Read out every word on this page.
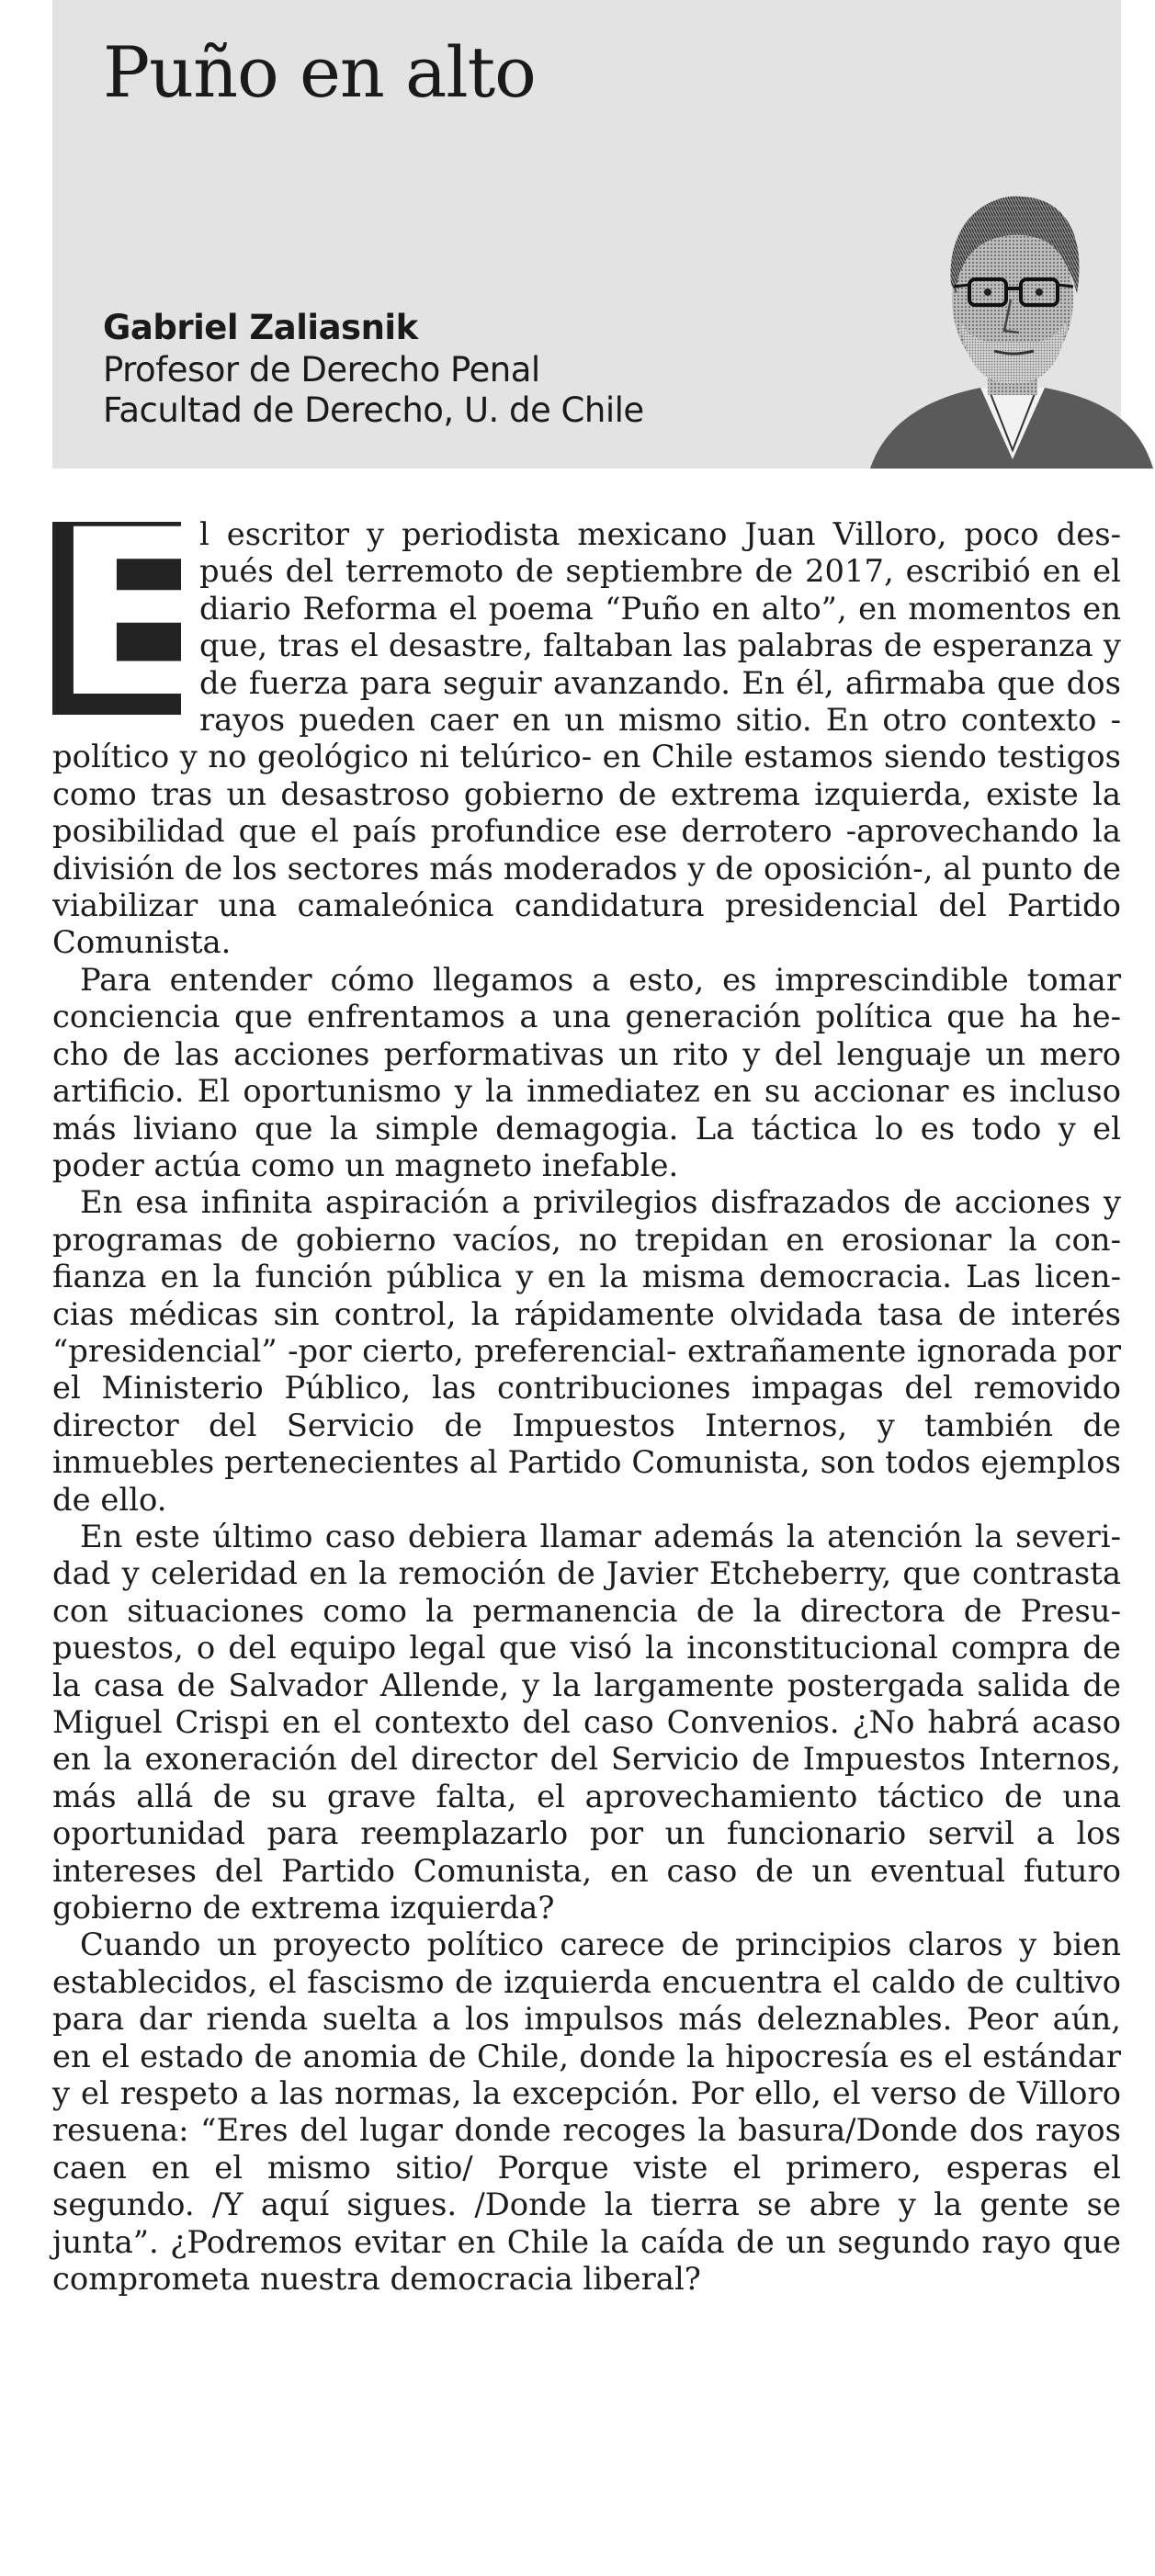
Puño en alto
Gabriel Zaliasnik
Profesor de Derecho Penal
Facultad de Derecho, U. de Chile

E
l escritor y periodista mexicano Juan Villoro, poco después del terremoto de septiembre de 2017, escribió en el diario Reforma el poema “Puño en alto”, en momentos en que, tras el desastre, faltaban las palabras de esperanza y de fuerza para seguir avanzando. En él, afirmaba que dos rayos pueden caer en un mismo sitio. En otro contexto -político y no geológico ni telúrico- en Chile estamos siendo testigos como tras un desastroso gobierno de extrema izquierda, existe la posibilidad que el país profundice ese derrotero -aprovechando la división de los sectores más moderados y de oposición-, al punto de viabilizar una camaleónica candidatura presidencial del Partido Comunista.

Para entender cómo llegamos a esto, es imprescindible tomar conciencia que enfrentamos a una generación política que ha hecho de las acciones performativas un rito y del lenguaje un mero artificio. El oportunismo y la inmediatez en su accionar es incluso más liviano que la simple demagogia. La táctica lo es todo y el poder actúa como un magneto inefable.

En esa infinita aspiración a privilegios disfrazados de acciones y programas de gobierno vacíos, no trepidan en erosionar la confianza en la función pública y en la misma democracia. Las licencias médicas sin control, la rápidamente olvidada tasa de interés “presidencial” -por cierto, preferencial- extrañamente ignorada por el Ministerio Público, las contribuciones impagas del removido director del Servicio de Impuestos Internos, y también de inmuebles pertenecientes al Partido Comunista, son todos ejemplos de ello.

En este último caso debiera llamar además la atención la severidad y celeridad en la remoción de Javier Etcheberry, que contrasta con situaciones como la permanencia de la directora de Presupuestos, o del equipo legal que visó la inconstitucional compra de la casa de Salvador Allende, y la largamente postergada salida de Miguel Crispi en el contexto del caso Convenios. ¿No habrá acaso en la exoneración del director del Servicio de Impuestos Internos, más allá de su grave falta, el aprovechamiento táctico de una oportunidad para reemplazarlo por un funcionario servil a los intereses del Partido Comunista, en caso de un eventual futuro gobierno de extrema izquierda?

Cuando un proyecto político carece de principios claros y bien establecidos, el fascismo de izquierda encuentra el caldo de cultivo para dar rienda suelta a los impulsos más deleznables. Peor aún, en el estado de anomia de Chile, donde la hipocresía es el estándar y el respeto a las normas, la excepción. Por ello, el verso de Villoro resuena: “Eres del lugar donde recoges la basura/Donde dos rayos caen en el mismo sitio/ Porque viste el primero, esperas el segundo. /Y aquí sigues. /Donde la tierra se abre y la gente se junta”. ¿Podremos evitar en Chile la caída de un segundo rayo que comprometa nuestra democracia liberal?
